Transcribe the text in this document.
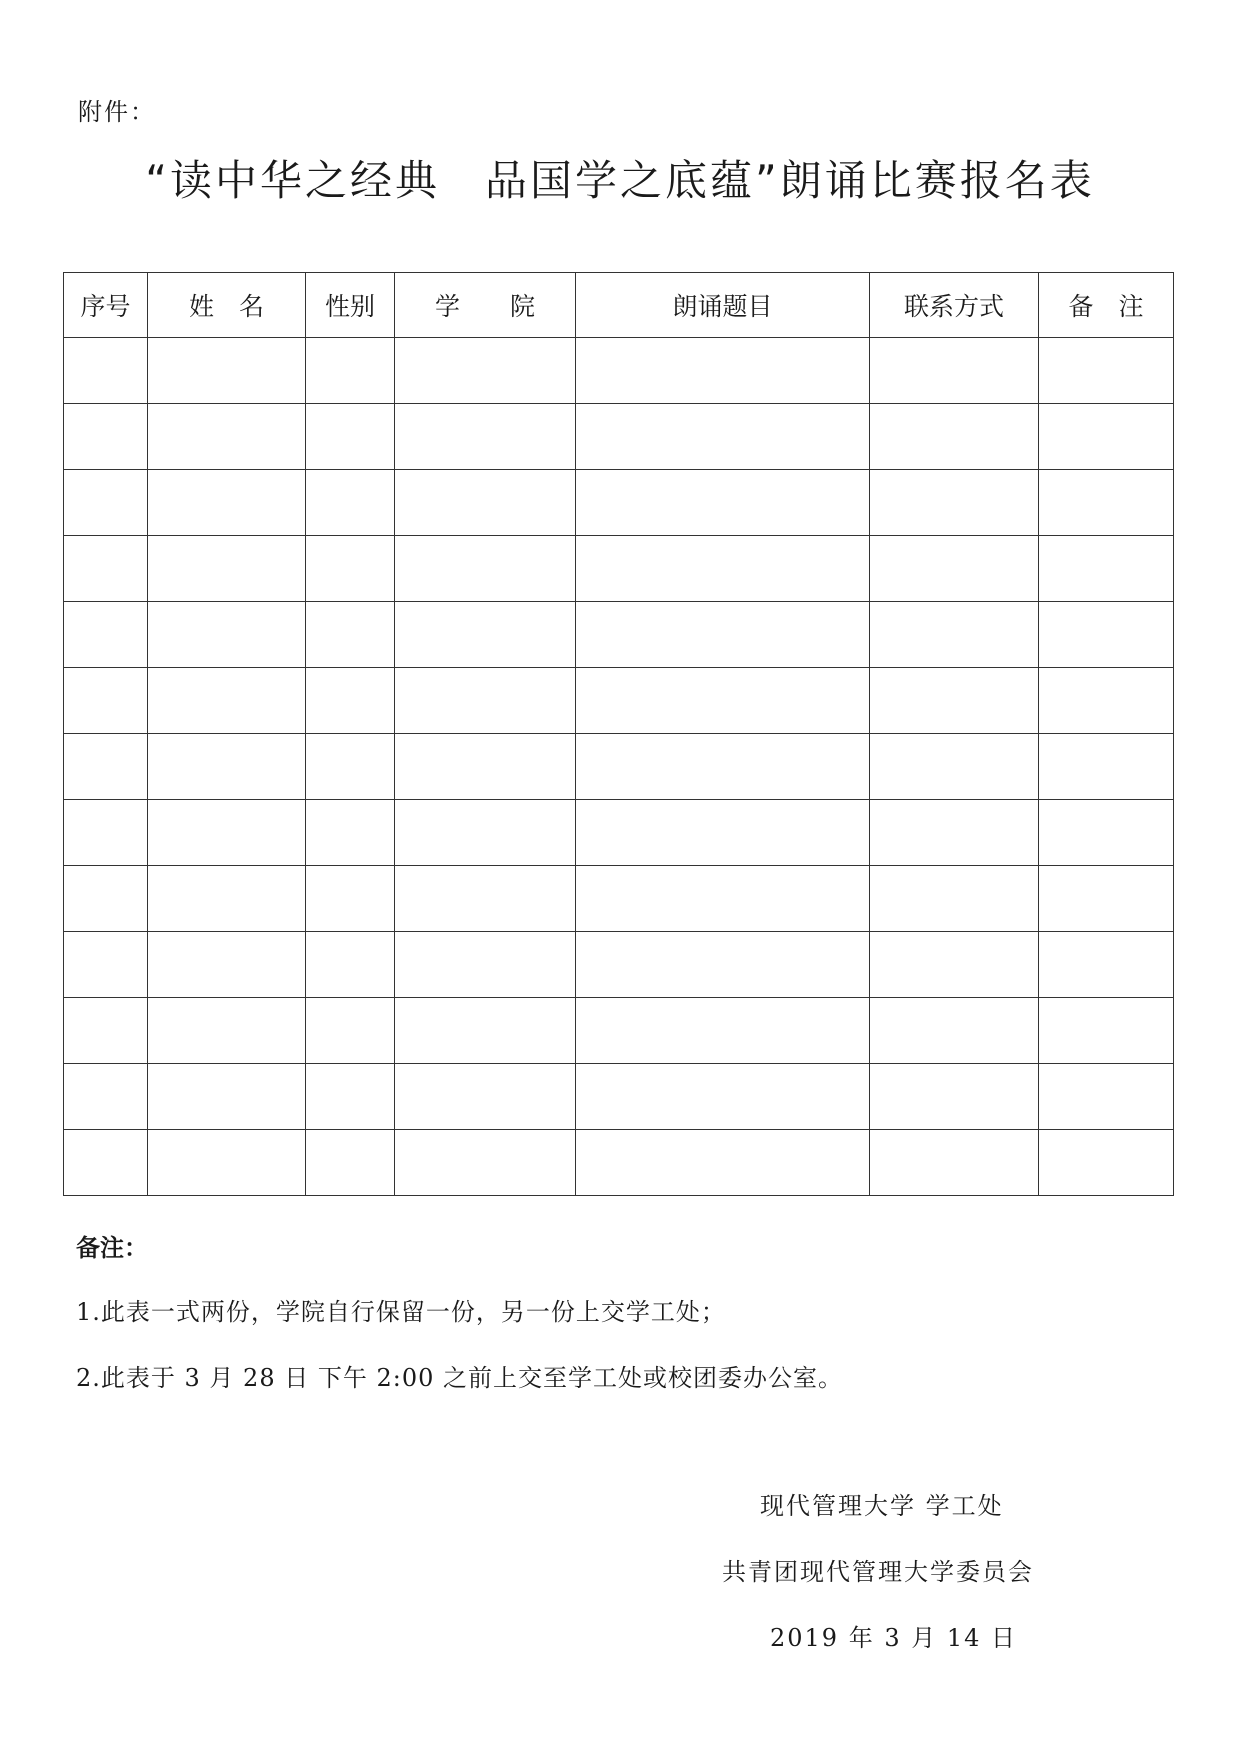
附件：
“读中华之经典　品国学之底蕴”朗诵比赛报名表
序号	姓　名	性别	学　　院	朗诵题目	联系方式	备　注

备注：
1.此表一式两份，学院自行保留一份，另一份上交学工处；
2.此表于 3 月 28 日 下午 2:00 之前上交至学工处或校团委办公室。
现代管理大学 学工处
共青团现代管理大学委员会
2019 年 3 月 14 日
